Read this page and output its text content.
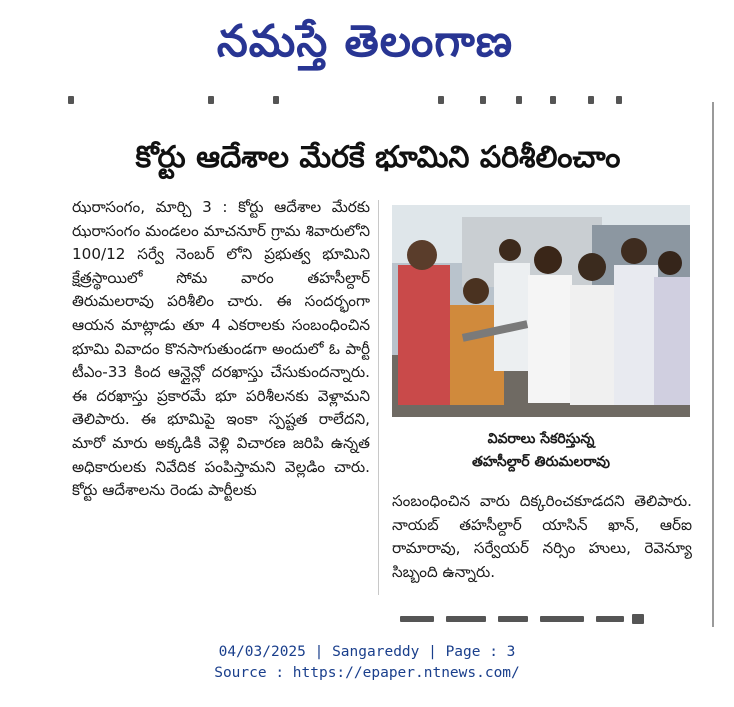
నమస్తే తెలంగాణ
కోర్టు ఆదేశాల మేరకే భూమిని పరిశీలించాం

ఝరాసంగం, మార్చి 3 : కోర్టు ఆదేశాల మేరకు ఝరాసంగం మండలం మాచనూర్ గ్రామ శివారులోని 100/12 సర్వే నెంబర్ లోని ప్రభుత్వ భూమిని క్షేత్రస్థాయిలో సోమ వారం తహసీల్దార్ తిరుమలరావు పరిశీలిం చారు. ఈ సందర్భంగా ఆయన మాట్లాడు తూ 4 ఎకరాలకు సంబంధించిన భూమి వివాదం కొనసాగుతుండగా అందులో ఓ పార్టీ టీఎం-33 కింద ఆన్లైన్లో దరఖాస్తు చేసుకుందన్నారు. ఈ దరఖాస్తు ప్రకారమే భూ పరిశీలనకు వెళ్లామని తెలిపారు. ఈ భూమిపై ఇంకా స్పష్టత రాలేదని, మారో మారు అక్కడికి వెళ్లి విచారణ జరిపి ఉన్నత అధికారులకు నివేదిక పంపిస్తామని వెల్లడిం చారు. కోర్టు ఆదేశాలను రెండు పార్టీలకు

వివరాలు సేకరిస్తున్న
తహసీల్దార్ తిరుమలరావు

సంబంధించిన వారు దిక్కరించకూడదని తెలిపారు. నాయబ్ తహసీల్దార్ యాసిన్ ఖాన్, ఆర్ఐ రామారావు, సర్వేయర్ నర్సిం హులు, రెవెన్యూ సిబ్బంది ఉన్నారు.

04/03/2025 | Sangareddy | Page : 3
Source : https://epaper.ntnews.com/
